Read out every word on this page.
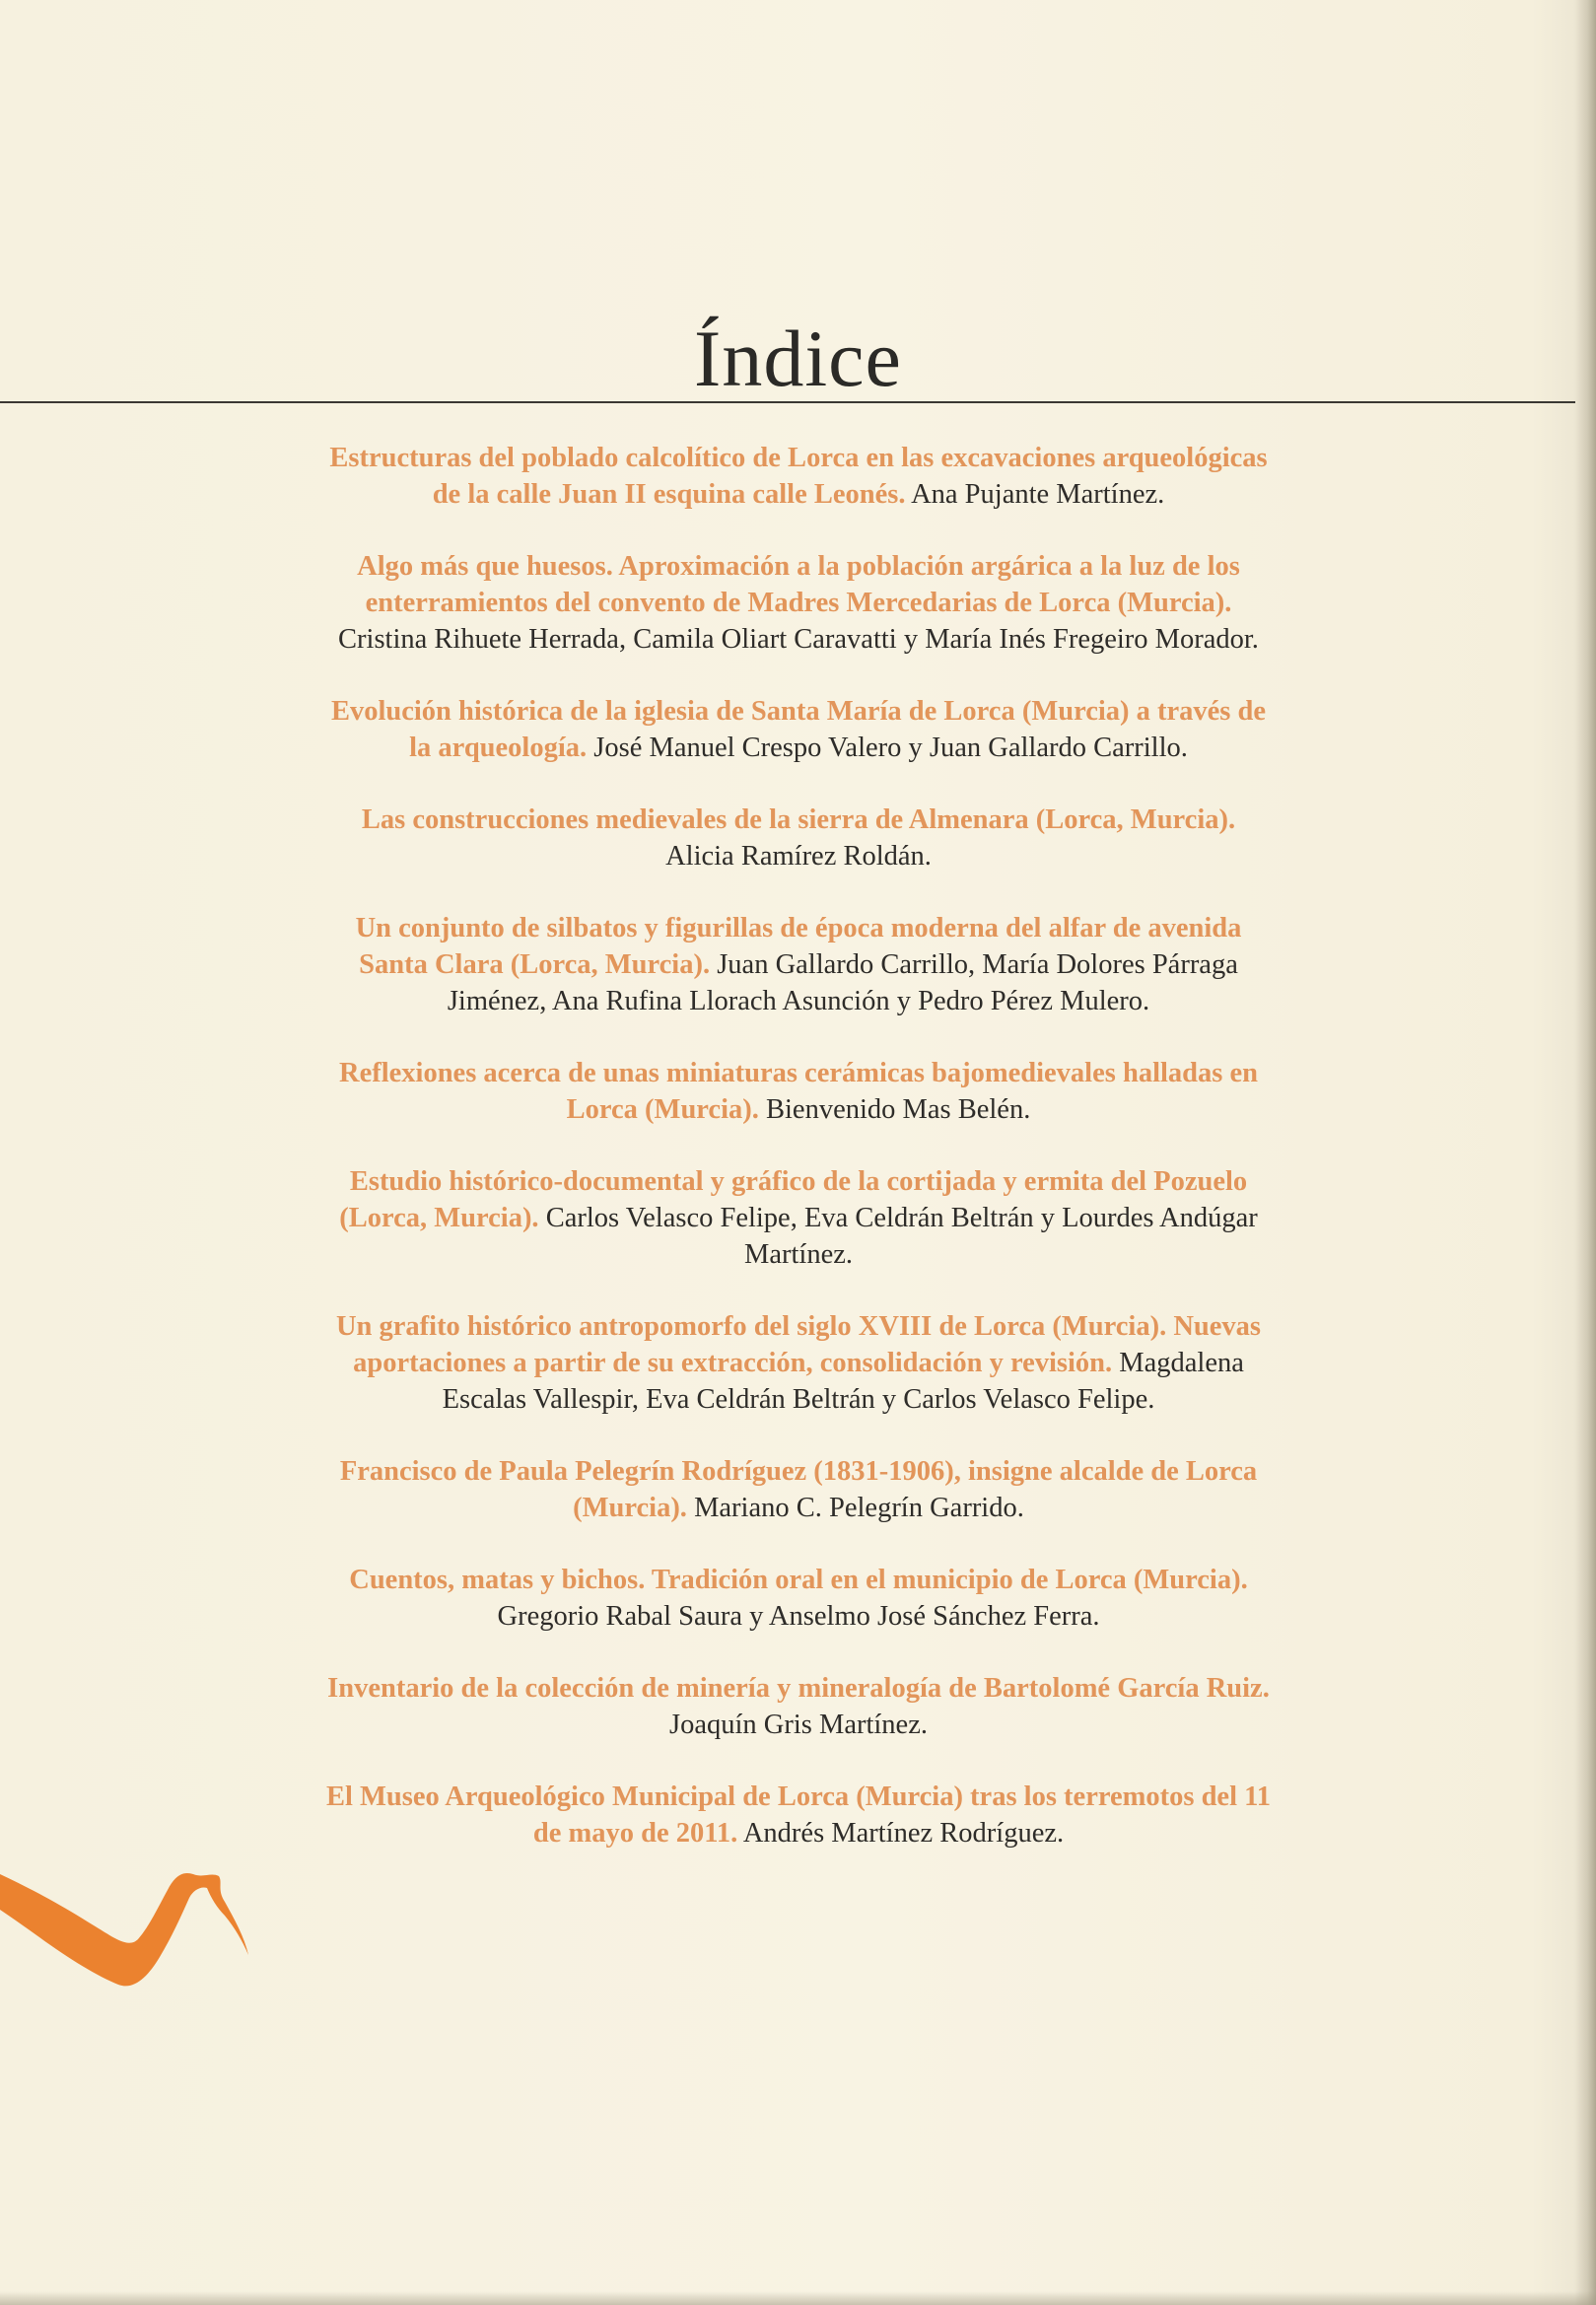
Índice
Estructuras del poblado calcolítico de Lorca en las excavaciones arqueológicas de la calle Juan II esquina calle Leonés. Ana Pujante Martínez.
Algo más que huesos. Aproximación a la población argárica a la luz de los enterramientos del convento de Madres Mercedarias de Lorca (Murcia). Cristina Rihuete Herrada, Camila Oliart Caravatti y María Inés Fregeiro Morador.
Evolución histórica de la iglesia de Santa María de Lorca (Murcia) a través de la arqueología. José Manuel Crespo Valero y Juan Gallardo Carrillo.
Las construcciones medievales de la sierra de Almenara (Lorca, Murcia). Alicia Ramírez Roldán.
Un conjunto de silbatos y figurillas de época moderna del alfar de avenida Santa Clara (Lorca, Murcia). Juan Gallardo Carrillo, María Dolores Párraga Jiménez, Ana Rufina Llorach Asunción y Pedro Pérez Mulero.
Reflexiones acerca de unas miniaturas cerámicas bajomedievales halladas en Lorca (Murcia). Bienvenido Mas Belén.
Estudio histórico-documental y gráfico de la cortijada y ermita del Pozuelo (Lorca, Murcia). Carlos Velasco Felipe, Eva Celdrán Beltrán y Lourdes Andúgar Martínez.
Un grafito histórico antropomorfo del siglo XVIII de Lorca (Murcia). Nuevas aportaciones a partir de su extracción, consolidación y revisión. Magdalena Escalas Vallespir, Eva Celdrán Beltrán y Carlos Velasco Felipe.
Francisco de Paula Pelegrín Rodríguez (1831-1906), insigne alcalde de Lorca (Murcia). Mariano C. Pelegrín Garrido.
Cuentos, matas y bichos. Tradición oral en el municipio de Lorca (Murcia). Gregorio Rabal Saura y Anselmo José Sánchez Ferra.
Inventario de la colección de minería y mineralogía de Bartolomé García Ruiz. Joaquín Gris Martínez.
El Museo Arqueológico Municipal de Lorca (Murcia) tras los terremotos del 11 de mayo de 2011. Andrés Martínez Rodríguez.
